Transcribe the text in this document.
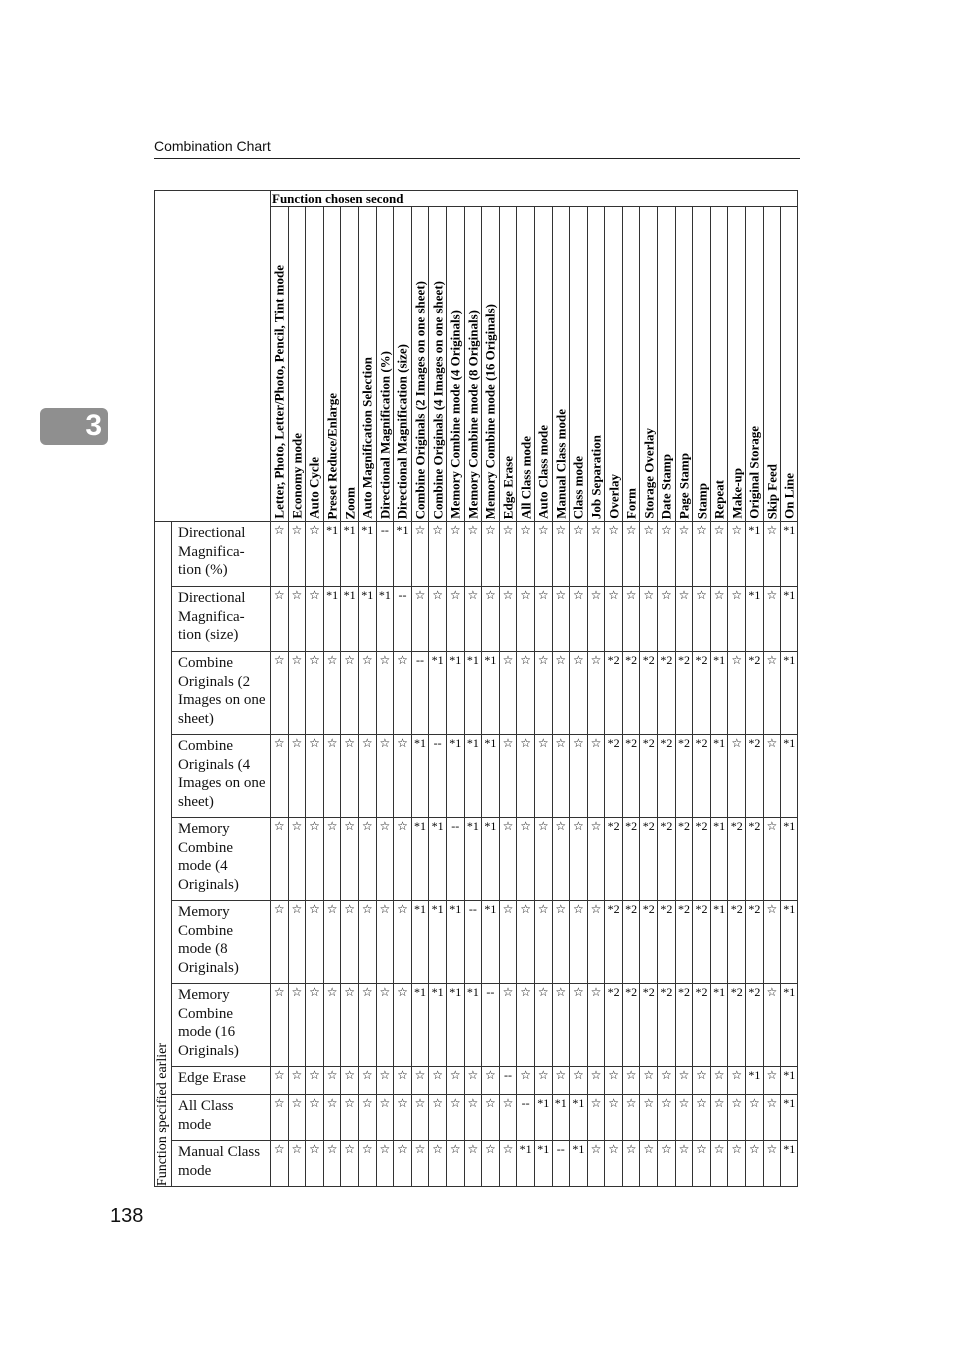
Combination Chart
3
		Function chosen second																													

		Letter, Photo, Letter/Photo, Pencil, Tint mode	Economy mode	Auto Cycle	Preset Reduce/Enlarge	Zoom	Auto Magnification Selection	Directional Magnification (%)	Directional Magnification (size)	Combine Originals (2 Images on one sheet)	Combine Originals (4 Images on one sheet)	Memory Combine mode (4 Originals)	Memory Combine mode (8 Originals)	Memory Combine mode (16 Originals)	Edge Erase	All Class mode	Auto Class mode	Manual Class mode	Class mode	Job Separation	Overlay	Form	Storage Overlay	Date Stamp	Page Stamp	Stamp	Repeat	Make-up	Original Storage	Skip Feed	On Line

Function specified earlier	Directional Magnifica-tion (%)	☆	☆	☆	*1	*1	*1	--	*1	☆	☆	☆	☆	☆	☆	☆	☆	☆	☆	☆	☆	☆	☆	☆	☆	☆	☆	☆	*1	☆	*1
	Directional Magnifica-tion (size)	☆	☆	☆	*1	*1	*1	*1	--	☆	☆	☆	☆	☆	☆	☆	☆	☆	☆	☆	☆	☆	☆	☆	☆	☆	☆	☆	*1	☆	*1
	Combine Originals (2 Images on one sheet)	☆	☆	☆	☆	☆	☆	☆	☆	--	*1	*1	*1	*1	☆	☆	☆	☆	☆	☆	*2	*2	*2	*2	*2	*2	*1	☆	*2	☆	*1
	Combine Originals (4 Images on one sheet)	☆	☆	☆	☆	☆	☆	☆	☆	*1	--	*1	*1	*1	☆	☆	☆	☆	☆	☆	*2	*2	*2	*2	*2	*2	*1	☆	*2	☆	*1
	Memory Combine mode (4 Originals)	☆	☆	☆	☆	☆	☆	☆	☆	*1	*1	--	*1	*1	☆	☆	☆	☆	☆	☆	*2	*2	*2	*2	*2	*2	*1	*2	*2	☆	*1
	Memory Combine mode (8 Originals)	☆	☆	☆	☆	☆	☆	☆	☆	*1	*1	*1	--	*1	☆	☆	☆	☆	☆	☆	*2	*2	*2	*2	*2	*2	*1	*2	*2	☆	*1
	Memory Combine mode (16 Originals)	☆	☆	☆	☆	☆	☆	☆	☆	*1	*1	*1	*1	--	☆	☆	☆	☆	☆	☆	*2	*2	*2	*2	*2	*2	*1	*2	*2	☆	*1
	Edge Erase	☆	☆	☆	☆	☆	☆	☆	☆	☆	☆	☆	☆	☆	--	☆	☆	☆	☆	☆	☆	☆	☆	☆	☆	☆	☆	☆	*1	☆	*1
	All Class mode	☆	☆	☆	☆	☆	☆	☆	☆	☆	☆	☆	☆	☆	☆	--	*1	*1	*1	☆	☆	☆	☆	☆	☆	☆	☆	☆	☆	☆	*1
	Manual Class mode	☆	☆	☆	☆	☆	☆	☆	☆	☆	☆	☆	☆	☆	☆	*1	*1	--	*1	☆	☆	☆	☆	☆	☆	☆	☆	☆	☆	☆	*1
138
